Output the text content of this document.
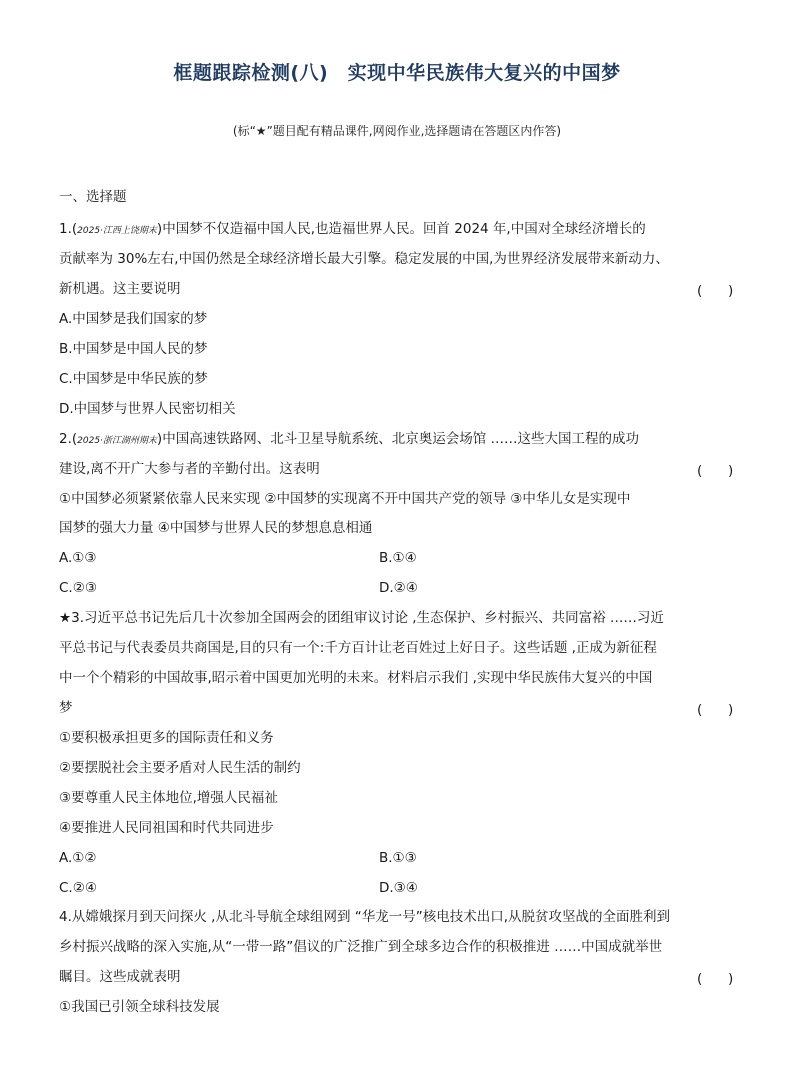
框题跟踪检测(八)　实现中华民族伟大复兴的中国梦
(标“★”题目配有精品课件,网阅作业,选择题请在答题区内作答)
一、选择题
1.(2025·江西上饶期末)中国梦不仅造福中国人民,也造福世界人民。回首 2024 年,中国对全球经济增长的
贡献率为 30%左右,中国仍然是全球经济增长最大引擎。稳定发展的中国,为世界经济发展带来新动力、
新机遇。这主要说明	(      )
A.中国梦是我们国家的梦
B.中国梦是中国人民的梦
C.中国梦是中华民族的梦
D.中国梦与世界人民密切相关
2.(2025·浙江湖州期末)中国高速铁路网、北斗卫星导航系统、北京奥运会场馆 ……这些大国工程的成功
建设,离不开广大参与者的辛勤付出。这表明	(      )
①中国梦必须紧紧依靠人民来实现 ②中国梦的实现离不开中国共产党的领导 ③中华儿女是实现中
国梦的强大力量 ④中国梦与世界人民的梦想息息相通
A.①③	B.①④
C.②③	D.②④
★3.习近平总书记先后几十次参加全国两会的团组审议讨论 ,生态保护、乡村振兴、共同富裕 ……习近
平总书记与代表委员共商国是,目的只有一个:千方百计让老百姓过上好日子。这些话题 ,正成为新征程
中一个个精彩的中国故事,昭示着中国更加光明的未来。材料启示我们 ,实现中华民族伟大复兴的中国
梦	(      )
①要积极承担更多的国际责任和义务
②要摆脱社会主要矛盾对人民生活的制约
③要尊重人民主体地位,增强人民福祉
④要推进人民同祖国和时代共同进步
A.①②	B.①③
C.②④	D.③④
4.从嫦娥探月到天问探火 ,从北斗导航全球组网到 “华龙一号”核电技术出口,从脱贫攻坚战的全面胜利到
乡村振兴战略的深入实施,从“一带一路”倡议的广泛推广到全球多边合作的积极推进 ……中国成就举世
瞩目。这些成就表明	(      )
①我国已引领全球科技发展
